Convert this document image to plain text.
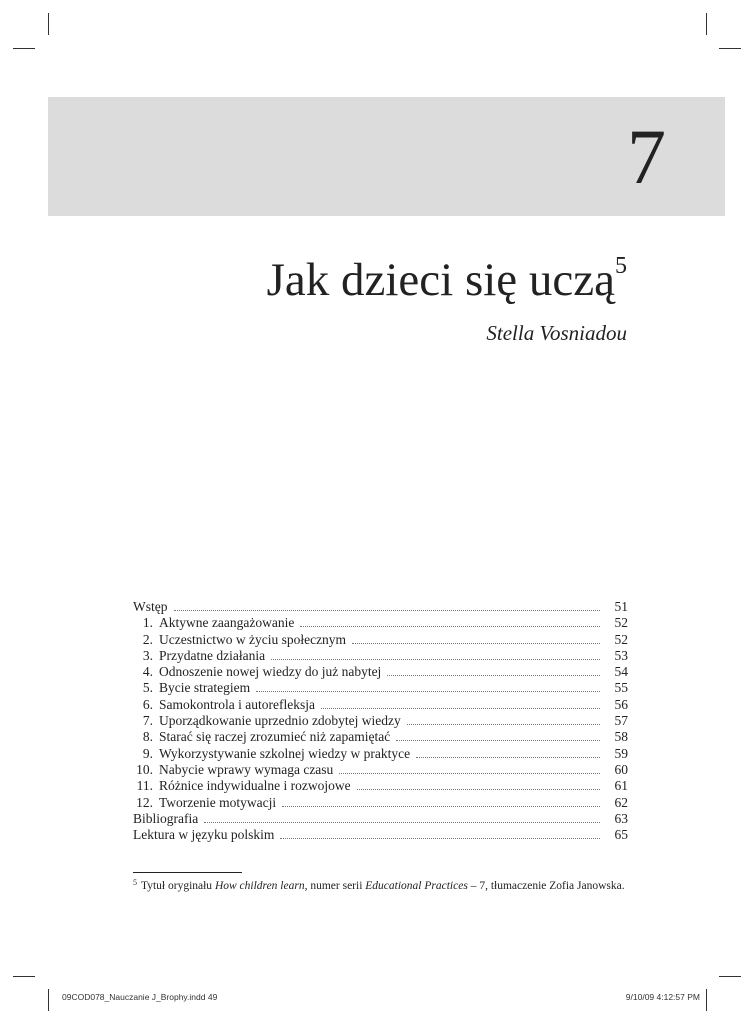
7
Jak dzieci się uczą$^5$
Stella Vosniadou
Wstęp	51
1. Aktywne zaangażowanie	52
2. Uczestnictwo w życiu społecznym	52
3. Przydatne działania	53
4. Odnoszenie nowej wiedzy do już nabytej	54
5. Bycie strategiem	55
6. Samokontrola i autorefleksja	56
7. Uporządkowanie uprzednio zdobytej wiedzy	57
8. Starać się raczej zrozumieć niż zapamiętać	58
9. Wykorzystywanie szkolnej wiedzy w praktyce	59
10. Nabycie wprawy wymaga czasu	60
11. Różnice indywidualne i rozwojowe	61
12. Tworzenie motywacji	62
Bibliografia	63
Lektura w języku polskim	65
$^5$ Tytuł oryginału How children learn, numer serii Educational Practices – 7, tłumaczenie Zofia Janowska.
09COD078_Nauczanie J_Brophy.indd 49	9/10/09 4:12:57 PM
